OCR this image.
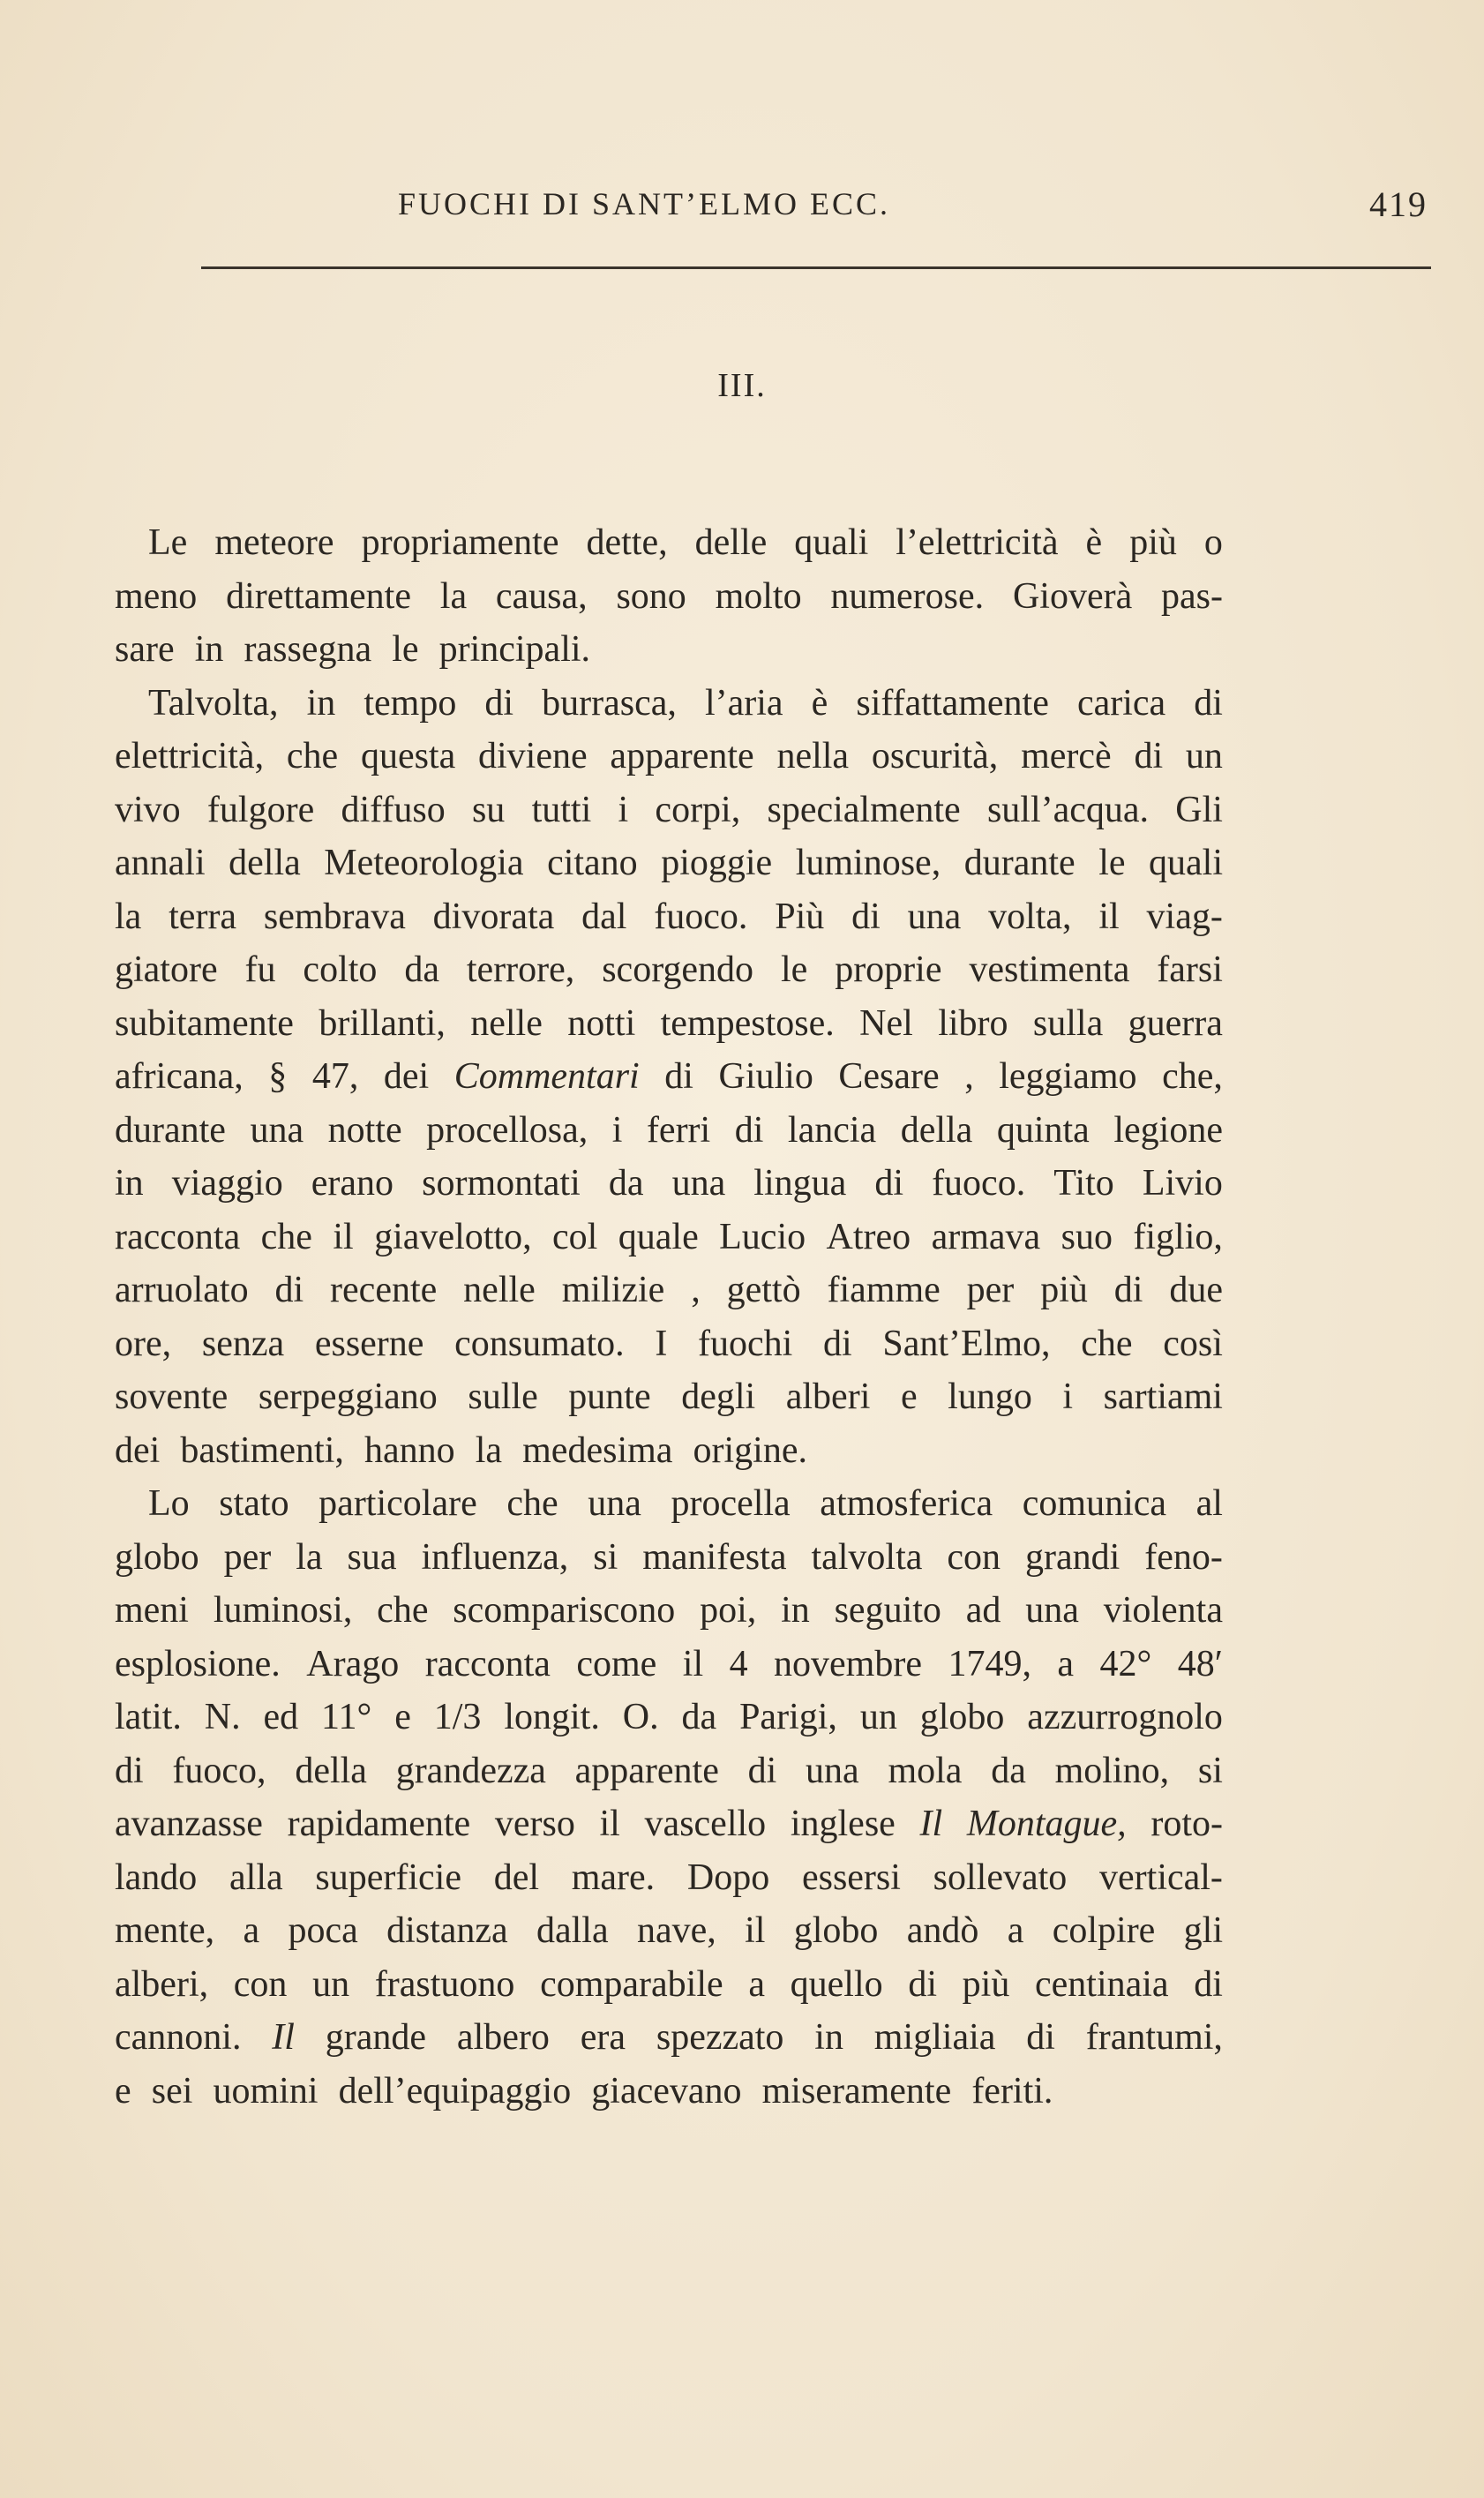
FUOCHI DI SANT’ELMO ECC.	419
III.
Le meteore propriamente dette, delle quali l’elettricità è più o
meno direttamente la causa, sono molto numerose. Gioverà pas-
sare in rassegna le principali.
Talvolta, in tempo di burrasca, l’aria è siffattamente carica di
elettricità, che questa diviene apparente nella oscurità, mercè di un
vivo fulgore diffuso su tutti i corpi, specialmente sull’acqua. Gli
annali della Meteorologia citano pioggie luminose, durante le quali
la terra sembrava divorata dal fuoco. Più di una volta, il viag-
giatore fu colto da terrore, scorgendo le proprie vestimenta farsi
subitamente brillanti, nelle notti tempestose. Nel libro sulla guerra
africana, § 47, dei Commentari di Giulio Cesare , leggiamo che,
durante una notte procellosa, i ferri di lancia della quinta legione
in viaggio erano sormontati da una lingua di fuoco. Tito Livio
racconta che il giavelotto, col quale Lucio Atreo armava suo figlio,
arruolato di recente nelle milizie , gettò fiamme per più di due
ore, senza esserne consumato. I fuochi di Sant’Elmo, che così
sovente serpeggiano sulle punte degli alberi e lungo i sartiami
dei bastimenti, hanno la medesima origine.
Lo stato particolare che una procella atmosferica comunica al
globo per la sua influenza, si manifesta talvolta con grandi feno-
meni luminosi, che scompariscono poi, in seguito ad una violenta
esplosione. Arago racconta come il 4 novembre 1749, a 42° 48′
latit. N. ed 11° e 1/3 longit. O. da Parigi, un globo azzurrognolo
di fuoco, della grandezza apparente di una mola da molino, si
avanzasse rapidamente verso il vascello inglese Il Montague, roto-
lando alla superficie del mare. Dopo essersi sollevato vertical-
mente, a poca distanza dalla nave, il globo andò a colpire gli
alberi, con un frastuono comparabile a quello di più centinaia di
cannoni. Il grande albero era spezzato in migliaia di frantumi,
e sei uomini dell’equipaggio giacevano miseramente feriti.
